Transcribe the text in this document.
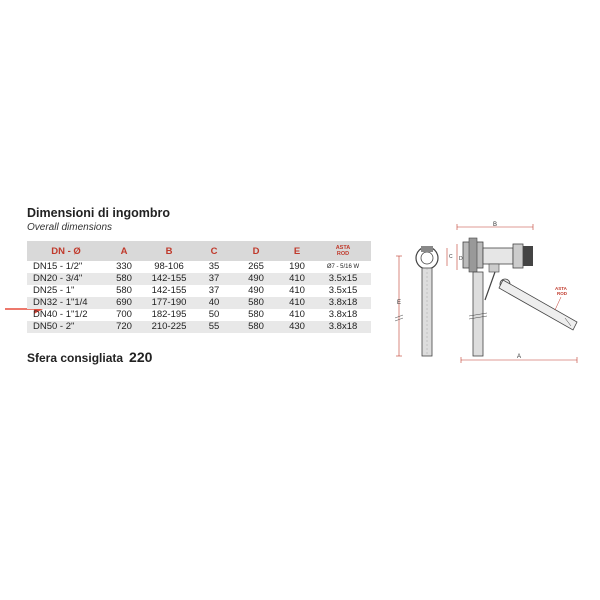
Dimensioni di ingombro
Overall dimensions
DN - Ø	A	B	C	D	E	ASTA
ROD

DN15 - 1/2"	330	98-106	35	265	190	Ø7 - 5/16 W
DN20 - 3/4"	580	142-155	37	490	410	3.5x15
DN25 - 1"	580	142-155	37	490	410	3.5x15
DN32 - 1"1/4	690	177-190	40	580	410	3.8x18
DN40 - 1"1/2	700	182-195	50	580	410	3.8x18
DN50 - 2"	720	210-225	55	580	430	3.8x18
Sfera consigliata 220
B
E
C D
ASTA
ROD
A
